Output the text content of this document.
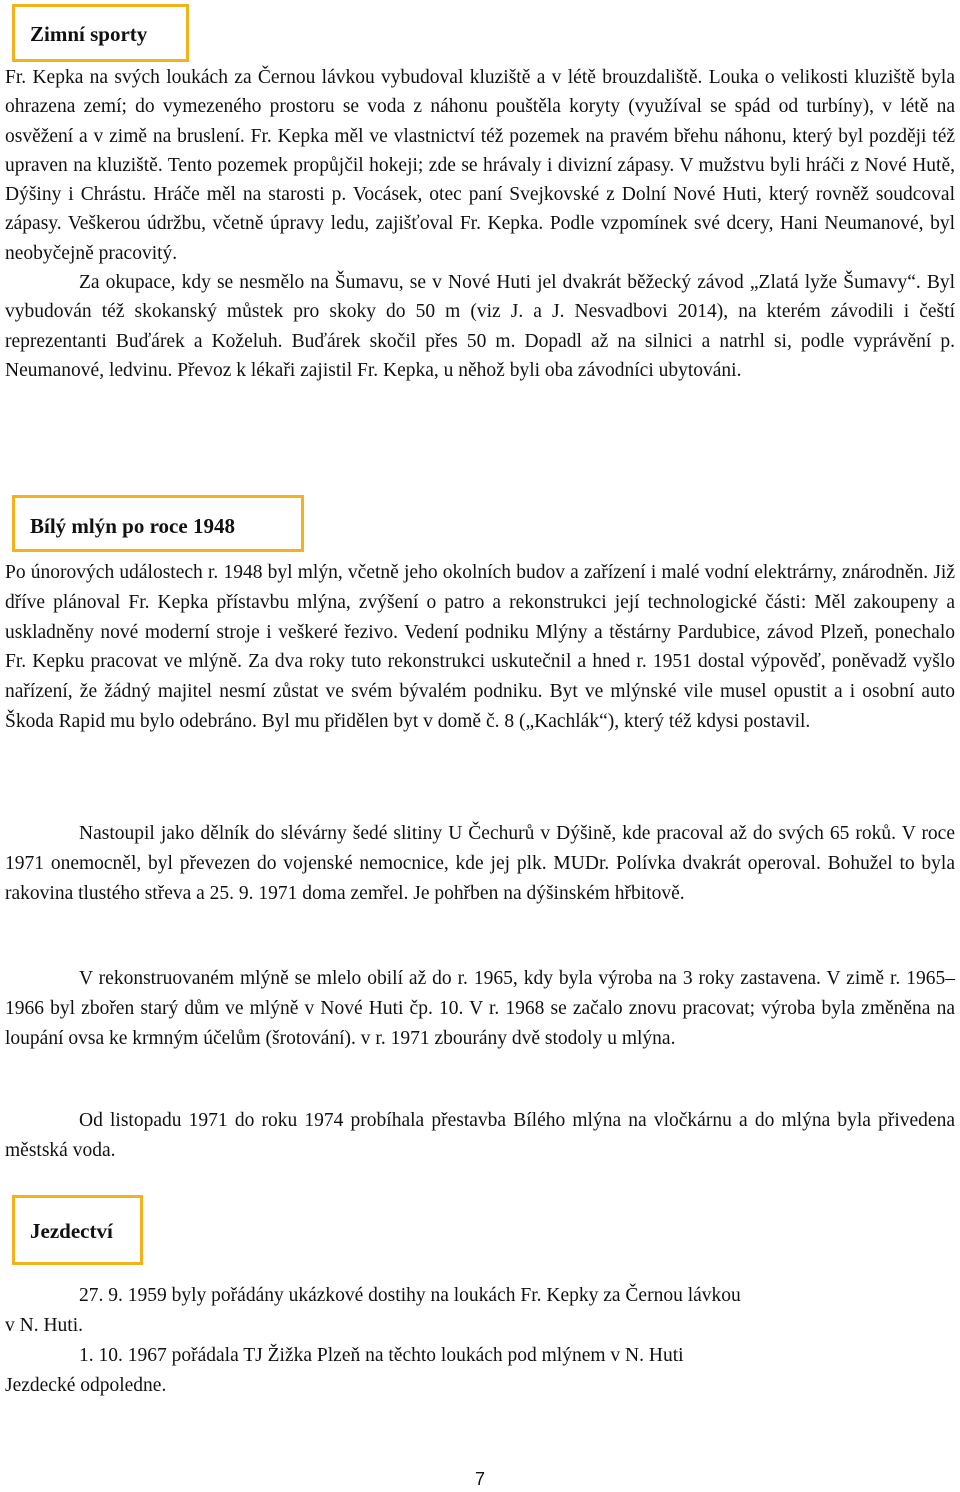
Zimní sporty
Fr. Kepka na svých loukách za Černou lávkou vybudoval kluziště a v létě brouzdaliště. Louka o velikosti kluziště byla ohrazena zemí; do vymezeného prostoru se voda z náhonu pouštěla koryty (využíval se spád od turbíny), v létě na osvěžení a v zimě na bruslení. Fr. Kepka měl ve vlastnictví též pozemek na pravém břehu náhonu, který byl později též upraven na kluziště. Tento pozemek propůjčil hokeji; zde se hrávaly i divizní zápasy. V mužstvu byli hráči z Nové Hutě, Dýšiny i Chrástu. Hráče měl na starosti p. Vocásek, otec paní Svejkovské z Dolní Nové Huti, který rovněž soudcoval zápasy. Veškerou údržbu, včetně úpravy ledu, zajišťoval Fr. Kepka. Podle vzpomínek své dcery, Hani Neumanové, byl neobyčejně pracovitý.
Za okupace, kdy se nesmělo na Šumavu, se v Nové Huti jel dvakrát běžecký závod „Zlatá lyže Šumavy“. Byl vybudován též skokanský můstek pro skoky do 50 m (viz J. a J. Nesvadbovi 2014), na kterém závodili i čeští reprezentanti Buďárek a Koželuh. Buďárek skočil přes 50 m. Dopadl až na silnici a natrhl si, podle vyprávění p. Neumanové, ledvinu. Převoz k lékaři zajistil Fr. Kepka, u něhož byli oba závodníci ubytováni.
Bílý mlýn po roce 1948
Po únorových událostech r. 1948 byl mlýn, včetně jeho okolních budov a zařízení i malé vodní elektrárny, znárodněn. Již dříve plánoval Fr. Kepka přístavbu mlýna, zvýšení o patro a rekonstrukci její technologické části: Měl zakoupeny a uskladněny nové moderní stroje i veškeré řezivo. Vedení podniku Mlýny a těstárny Pardubice, závod Plzeň, ponechalo Fr. Kepku pracovat ve mlýně. Za dva roky tuto rekonstrukci uskutečnil a hned r. 1951 dostal výpověď, poněvadž vyšlo nařízení, že žádný majitel nesmí zůstat ve svém bývalém podniku. Byt ve mlýnské vile musel opustit a i osobní auto Škoda Rapid mu bylo odebráno. Byl mu přidělen byt v domě č. 8 („Kachlák“), který též kdysi postavil.
Nastoupil jako dělník do slévárny šedé slitiny U Čechurů v Dýšině, kde pracoval až do svých 65 roků. V roce 1971 onemocněl, byl převezen do vojenské nemocnice, kde jej plk. MUDr. Polívka dvakrát operoval. Bohužel to byla rakovina tlustého střeva a 25. 9. 1971 doma zemřel. Je pohřben na dýšinském hřbitově.
V rekonstruovaném mlýně se mlelo obilí až do r. 1965, kdy byla výroba na 3 roky zastavena. V zimě r. 1965–1966 byl zbořen starý dům ve mlýně v Nové Huti čp. 10. V r. 1968 se začalo znovu pracovat; výroba byla změněna na loupání ovsa ke krmným účelům (šrotování). v r. 1971 zbourány dvě stodoly u mlýna.
Od listopadu 1971 do roku 1974 probíhala přestavba Bílého mlýna na vločkárnu a do mlýna byla přivedena městská voda.
Jezdectví
27. 9. 1959 byly pořádány ukázkové dostihy na loukách Fr. Kepky za Černou lávkou
v N. Huti.
1. 10. 1967 pořádala TJ Žižka Plzeň na těchto loukách pod mlýnem v N. Huti
Jezdecké odpoledne.
7
